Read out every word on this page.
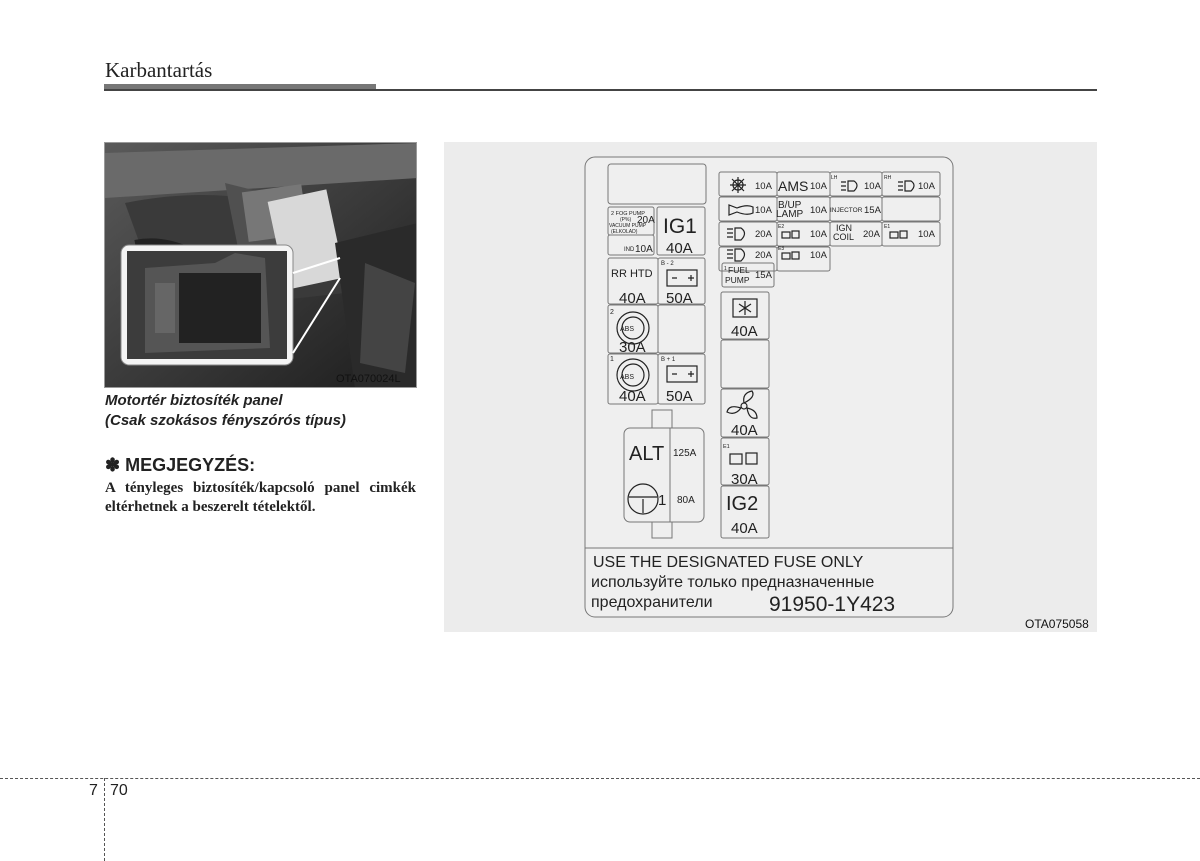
Karbantartás
OTA070024L
Motortér biztosíték panel
(Csak szokásos fényszórós típus)
✽ MEGJEGYZÉS:
A tényleges biztosíték/kapcsoló panel cimkék eltérhetnek a beszerelt tételektől.
2 FOG PUMP
(P%)
VACUUM PUMP
(ELKOLAD)
20A
IND 10A
IG1
40A
RR HTD
40A
B - 2
50A
2
ABS
30A
1
ABS
40A
B + 1
50A
ALT 125A
1 80A
10A AMS 10A
LH
10A
RH
10A
10A B/UP
LAMP 10A INJECTOR 15A
20A
E2
10A
IGN
COIL 20A
E1
10A
20A
E3
10A
1 FUEL
PUMP 15A
40A
40A
E1
30A
IG2
40A
USE THE DESIGNATED FUSE ONLY
используйте только предназначенные
предохранители	91950-1Y423
OTA075058
7 70
